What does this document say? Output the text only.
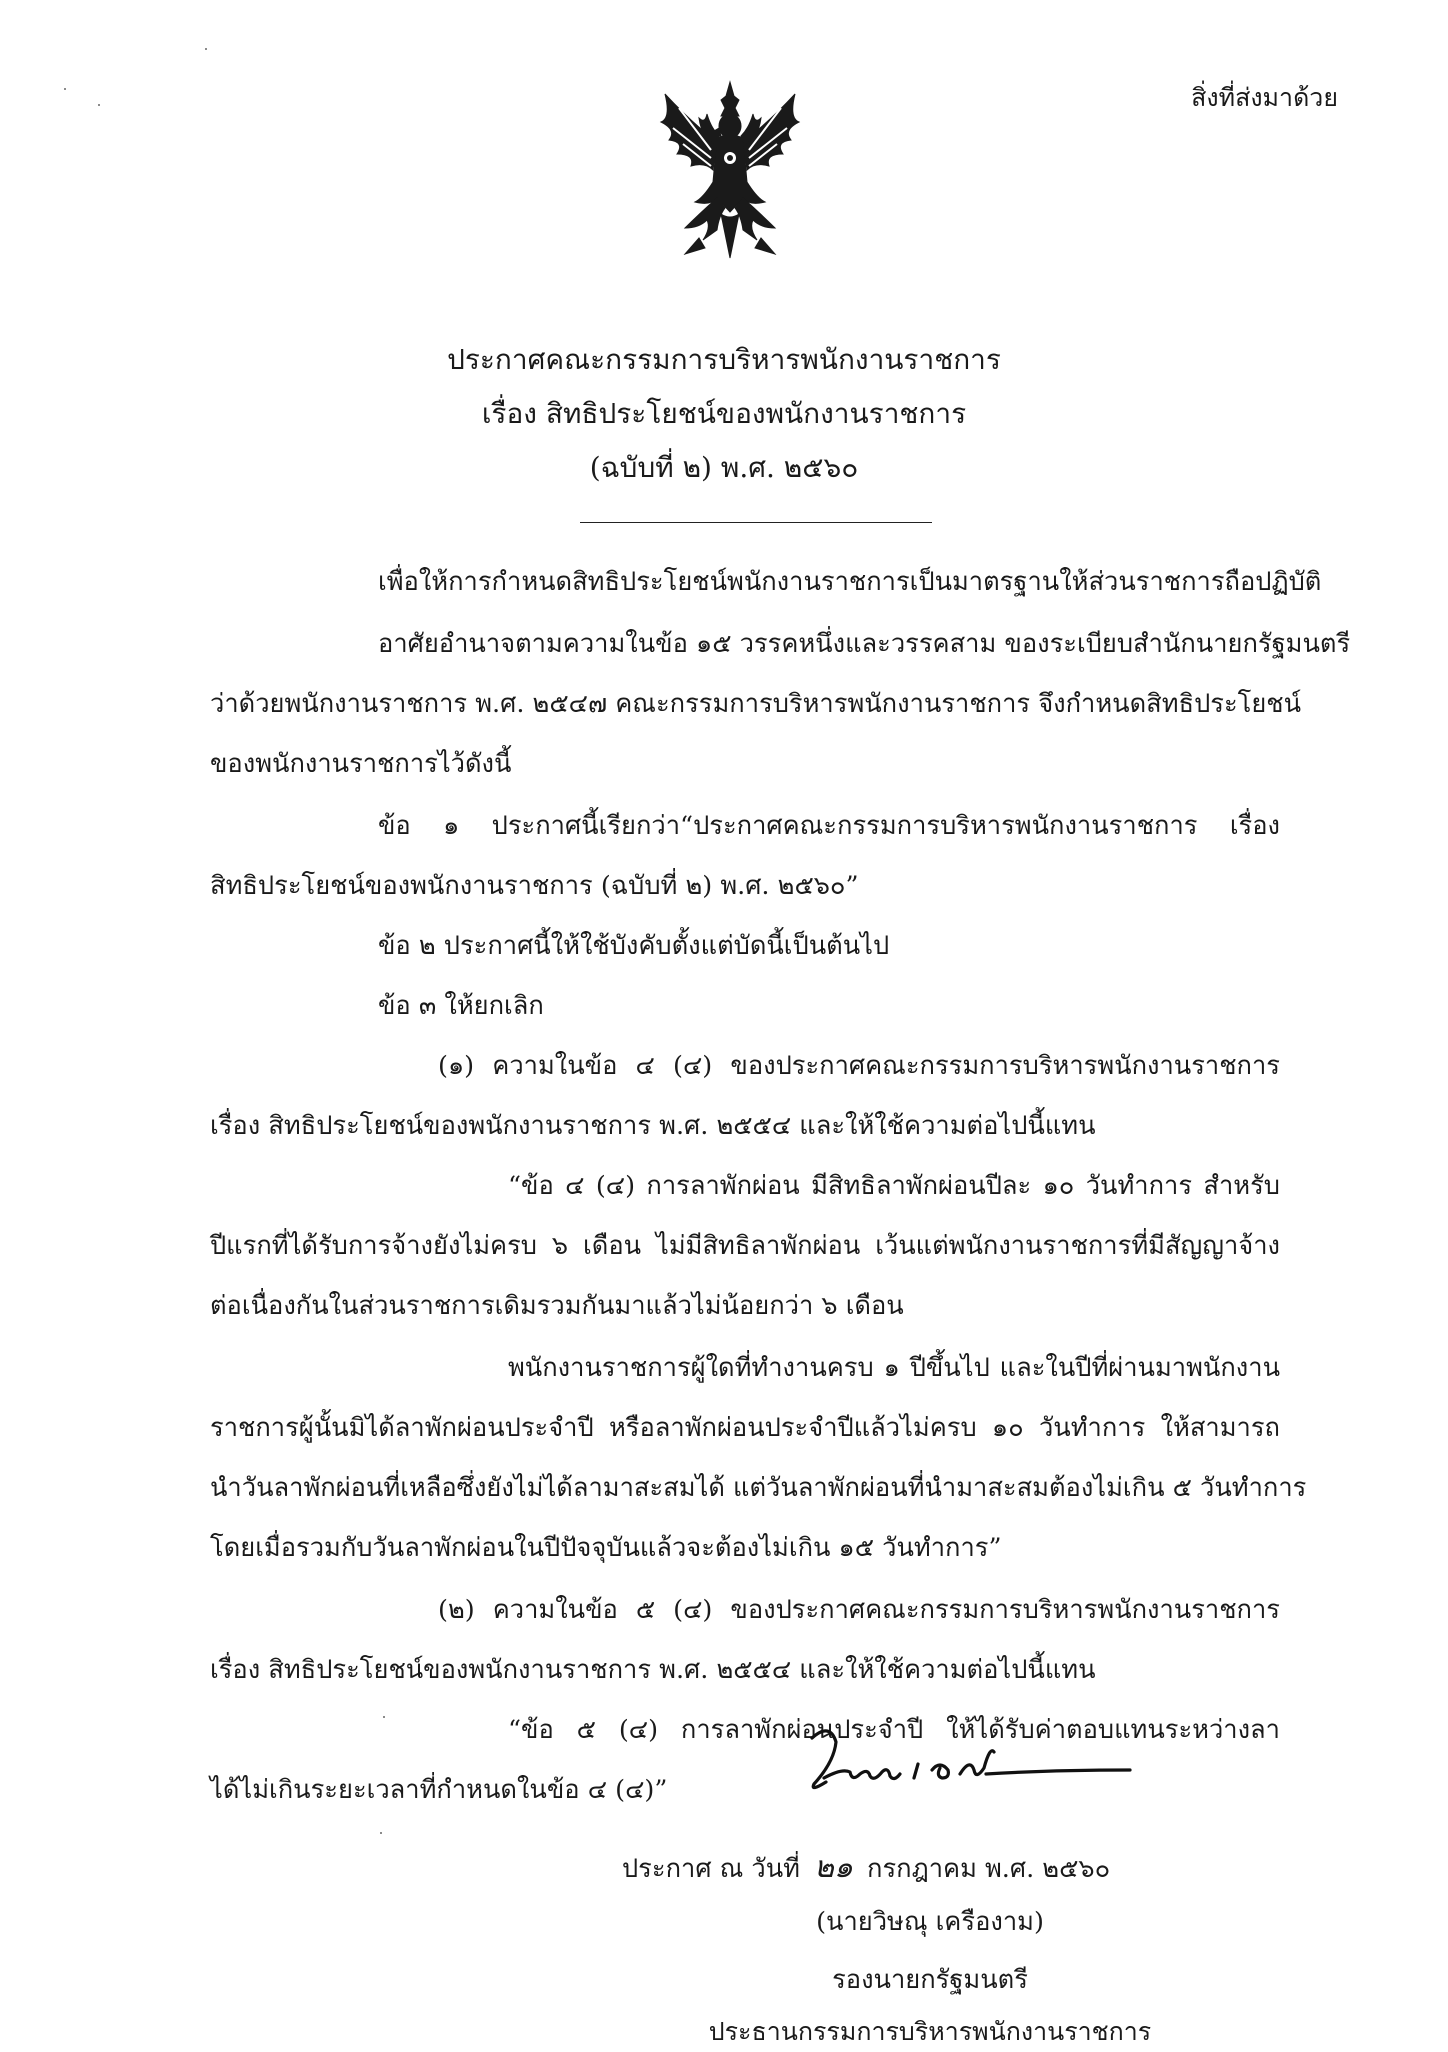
สิ่งที่ส่งมาด้วย
ประกาศคณะกรรมการบริหารพนักงานราชการ
เรื่อง สิทธิประโยชน์ของพนักงานราชการ
(ฉบับที่ ๒) พ.ศ. ๒๕๖๐
เพื่อให้การกำหนดสิทธิประโยชน์พนักงานราชการเป็นมาตรฐานให้ส่วนราชการถือปฏิบัติ
อาศัยอำนาจตามความในข้อ ๑๕ วรรคหนึ่งและวรรคสาม ของระเบียบสำนักนายกรัฐมนตรี
ว่าด้วยพนักงานราชการ พ.ศ. ๒๕๔๗ คณะกรรมการบริหารพนักงานราชการ จึงกำหนดสิทธิประโยชน์
ของพนักงานราชการไว้ดังนี้
ข้อ ๑ ประกาศนี้เรียกว่า“ประกาศคณะกรรมการบริหารพนักงานราชการ เรื่อง
สิทธิประโยชน์ของพนักงานราชการ (ฉบับที่ ๒) พ.ศ. ๒๕๖๐”
ข้อ ๒ ประกาศนี้ให้ใช้บังคับตั้งแต่บัดนี้เป็นต้นไป
ข้อ ๓ ให้ยกเลิก
(๑) ความในข้อ ๔ (๔) ของประกาศคณะกรรมการบริหารพนักงานราชการ
เรื่อง สิทธิประโยชน์ของพนักงานราชการ พ.ศ. ๒๕๕๔ และให้ใช้ความต่อไปนี้แทน
“ข้อ ๔ (๔) การลาพักผ่อน มีสิทธิลาพักผ่อนปีละ ๑๐ วันทำการ สำหรับ
ปีแรกที่ได้รับการจ้างยังไม่ครบ ๖ เดือน ไม่มีสิทธิลาพักผ่อน เว้นแต่พนักงานราชการที่มีสัญญาจ้าง
ต่อเนื่องกันในส่วนราชการเดิมรวมกันมาแล้วไม่น้อยกว่า ๖ เดือน
พนักงานราชการผู้ใดที่ทำงานครบ ๑ ปีขึ้นไป และในปีที่ผ่านมาพนักงาน
ราชการผู้นั้นมิได้ลาพักผ่อนประจำปี หรือลาพักผ่อนประจำปีแล้วไม่ครบ ๑๐ วันทำการ ให้สามารถ
นำวันลาพักผ่อนที่เหลือซึ่งยังไม่ได้ลามาสะสมได้ แต่วันลาพักผ่อนที่นำมาสะสมต้องไม่เกิน ๕ วันทำการ
โดยเมื่อรวมกับวันลาพักผ่อนในปีปัจจุบันแล้วจะต้องไม่เกิน ๑๕ วันทำการ”
(๒) ความในข้อ ๕ (๔) ของประกาศคณะกรรมการบริหารพนักงานราชการ
เรื่อง สิทธิประโยชน์ของพนักงานราชการ พ.ศ. ๒๕๕๔ และให้ใช้ความต่อไปนี้แทน
“ข้อ ๕ (๔) การลาพักผ่อนประจำปี ให้ได้รับค่าตอบแทนระหว่างลา
ได้ไม่เกินระยะเวลาที่กำหนดในข้อ ๔ (๔)”
ประกาศ ณ วันที่ ๒๑ กรกฎาคม พ.ศ. ๒๕๖๐
(นายวิษณุ เครืองาม)
รองนายกรัฐมนตรี
ประธานกรรมการบริหารพนักงานราชการ
